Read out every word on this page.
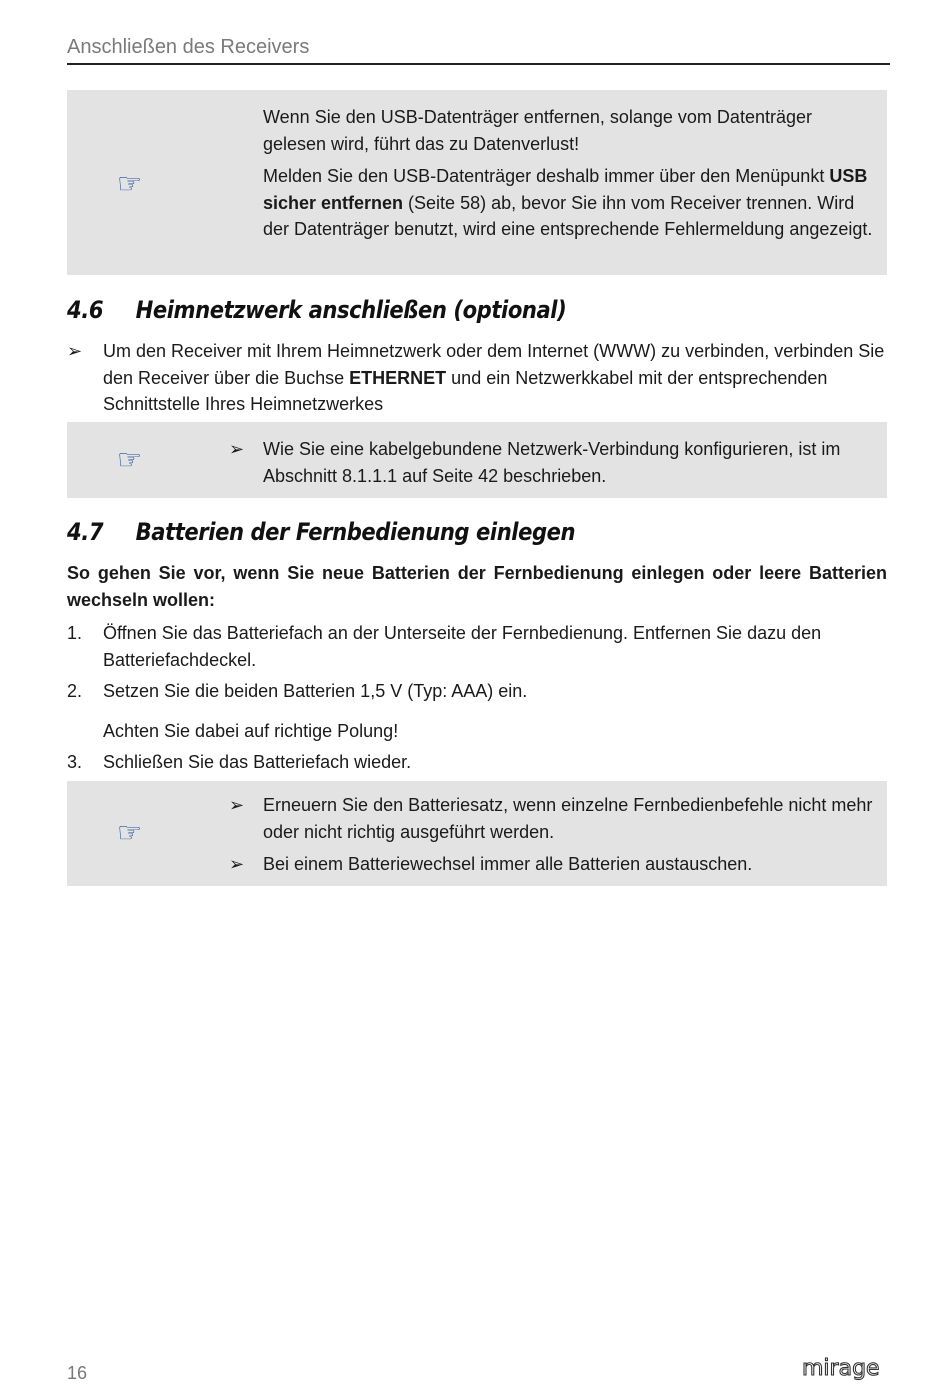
Anschließen des Receivers
☞

Wenn Sie den USB-Datenträger entfernen, solange vom Datenträger gelesen wird, führt das zu Datenverlust!

Melden Sie den USB-Datenträger deshalb immer über den Menüpunkt USB sicher entfernen (Seite 58) ab, bevor Sie ihn vom Receiver trennen. Wird der Datenträger benutzt, wird eine entsprechende Fehlermeldung angezeigt.

4.6 Heimnetzwerk anschließen (optional)
➢ Um den Receiver mit Ihrem Heimnetzwerk oder dem Internet (WWW) zu verbinden, verbinden Sie den Receiver über die Buchse ETHERNET und ein Netzwerkkabel mit der entsprechenden Schnittstelle Ihres Heimnetzwerkes
☞	➢ Wie Sie eine kabelgebundene Netzwerk-Verbindung konfigurieren, ist im Abschnitt 8.1.1.1 auf Seite 42 beschrieben.
4.7 Batterien der Fernbedienung einlegen
So gehen Sie vor, wenn Sie neue Batterien der Fernbedienung einlegen oder leere Batterien wechseln wollen:
1. Öffnen Sie das Batteriefach an der Unterseite der Fernbedienung. Entfernen Sie dazu den Batteriefachdeckel.
2. Setzen Sie die beiden Batterien 1,5 V (Typ: AAA) ein.
Achten Sie dabei auf richtige Polung!
3. Schließen Sie das Batteriefach wieder.
☞
➢ Erneuern Sie den Batteriesatz, wenn einzelne Fernbedienbefehle nicht mehr oder nicht richtig ausgeführt werden.
➢ Bei einem Batteriewechsel immer alle Batterien austauschen.
16	mirage
